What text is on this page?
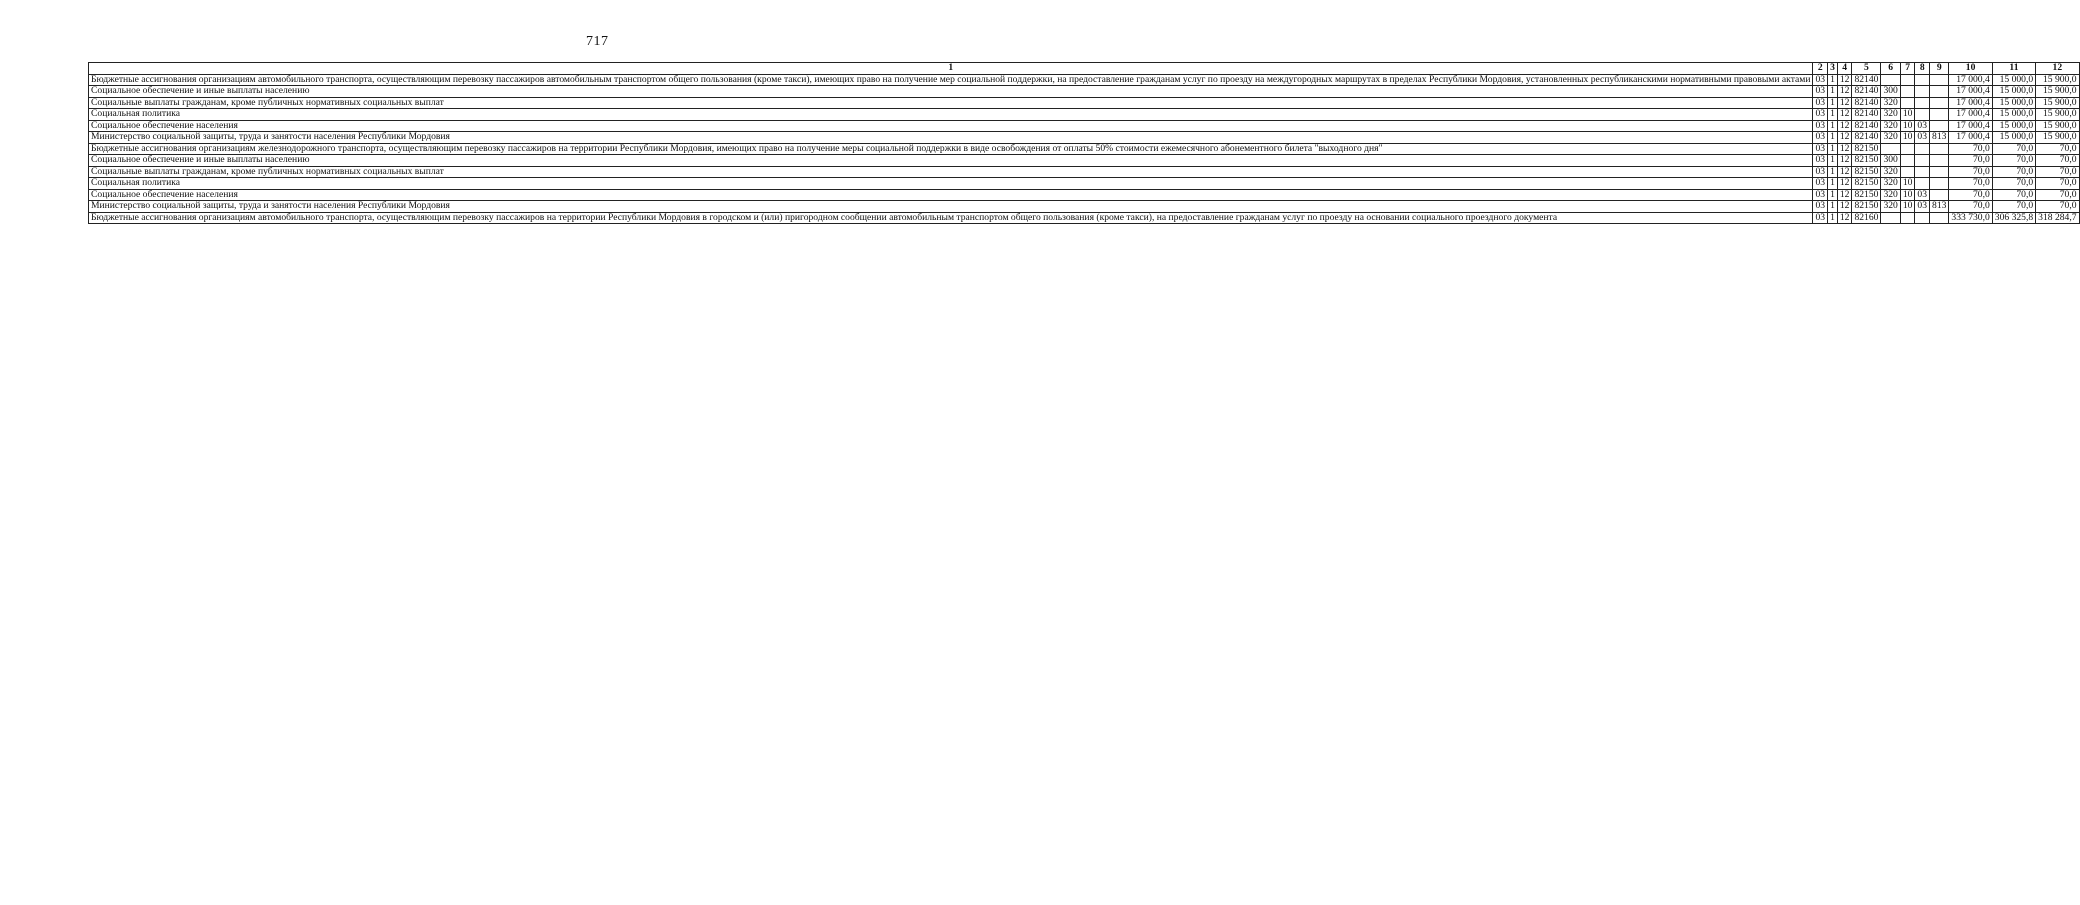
717
1	2	3	4	5	6	7	8	9	10	11	12
Бюджетные ассигнования организациям автомобильного транспорта, осуществляющим перевозку пассажиров автомобильным транспортом общего пользования (кроме такси), имеющих право на получение мер социальной поддержки, на предоставление гражданам услуг по проезду на междугородных маршрутах в пределах Республики Мордовия, установленных республиканскими нормативными правовыми актами	03	1	12	82140					17 000,4	15 000,0	15 900,0
Социальное обеспечение и иные выплаты населению	03	1	12	82140	300				17 000,4	15 000,0	15 900,0
Социальные выплаты гражданам, кроме публичных нормативных социальных выплат	03	1	12	82140	320				17 000,4	15 000,0	15 900,0
Социальная политика	03	1	12	82140	320	10			17 000,4	15 000,0	15 900,0
Социальное обеспечение населения	03	1	12	82140	320	10	03		17 000,4	15 000,0	15 900,0
Министерство социальной защиты, труда и занятости населения Республики Мордовия	03	1	12	82140	320	10	03	813	17 000,4	15 000,0	15 900,0
Бюджетные ассигнования организациям железнодорожного транспорта, осуществляющим перевозку пассажиров на территории Республики Мордовия, имеющих право на получение меры социальной поддержки в виде освобождения от оплаты 50% стоимости ежемесячного абонементного билета "выходного дня"	03	1	12	82150					70,0	70,0	70,0
Социальное обеспечение и иные выплаты населению	03	1	12	82150	300				70,0	70,0	70,0
Социальные выплаты гражданам, кроме публичных нормативных социальных выплат	03	1	12	82150	320				70,0	70,0	70,0
Социальная политика	03	1	12	82150	320	10			70,0	70,0	70,0
Социальное обеспечение населения	03	1	12	82150	320	10	03		70,0	70,0	70,0
Министерство социальной защиты, труда и занятости населения Республики Мордовия	03	1	12	82150	320	10	03	813	70,0	70,0	70,0
Бюджетные ассигнования организациям автомобильного транспорта, осуществляющим перевозку пассажиров на территории Республики Мордовия в городском и (или) пригородном сообщении автомобильным транспортом общего пользования (кроме такси), на предоставление гражданам услуг по проезду на основании социального проездного документа	03	1	12	82160					333 730,0	306 325,8	318 284,7
